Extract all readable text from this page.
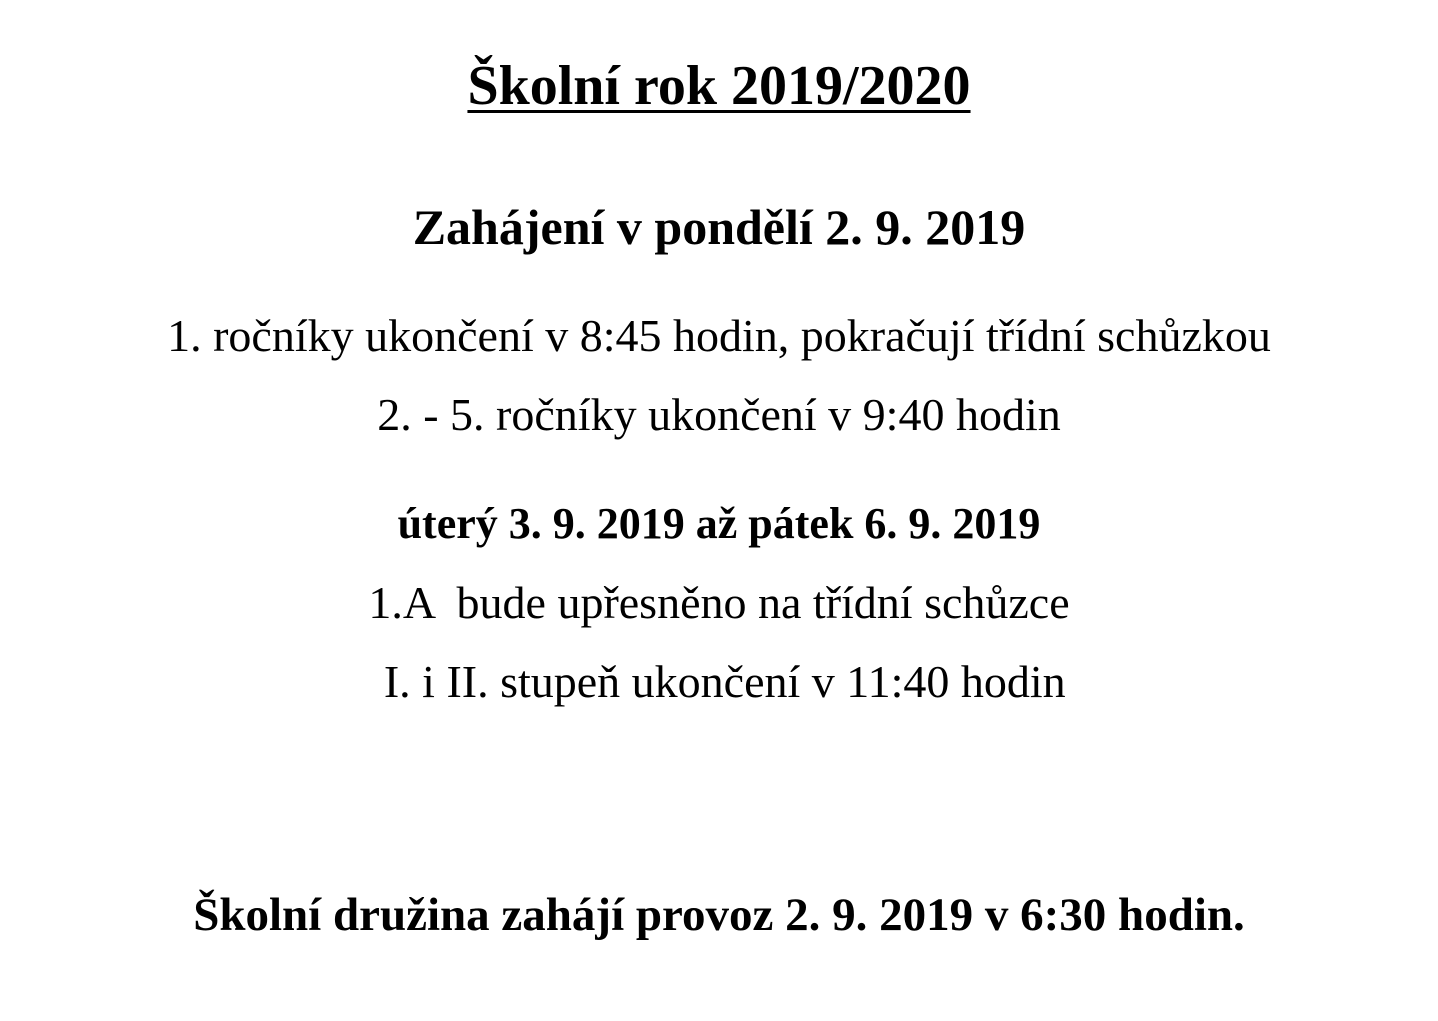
Školní rok 2019/2020
Zahájení v pondělí 2. 9. 2019
1. ročníky ukončení v 8:45 hodin, pokračují třídní schůzkou
2. - 5. ročníky ukončení v 9:40 hodin
úterý 3. 9. 2019 až pátek 6. 9. 2019
1.A  bude upřesněno na třídní schůzce
I. i II. stupeň ukončení v 11:40 hodin
Školní družina zahájí provoz 2. 9. 2019 v 6:30 hodin.
